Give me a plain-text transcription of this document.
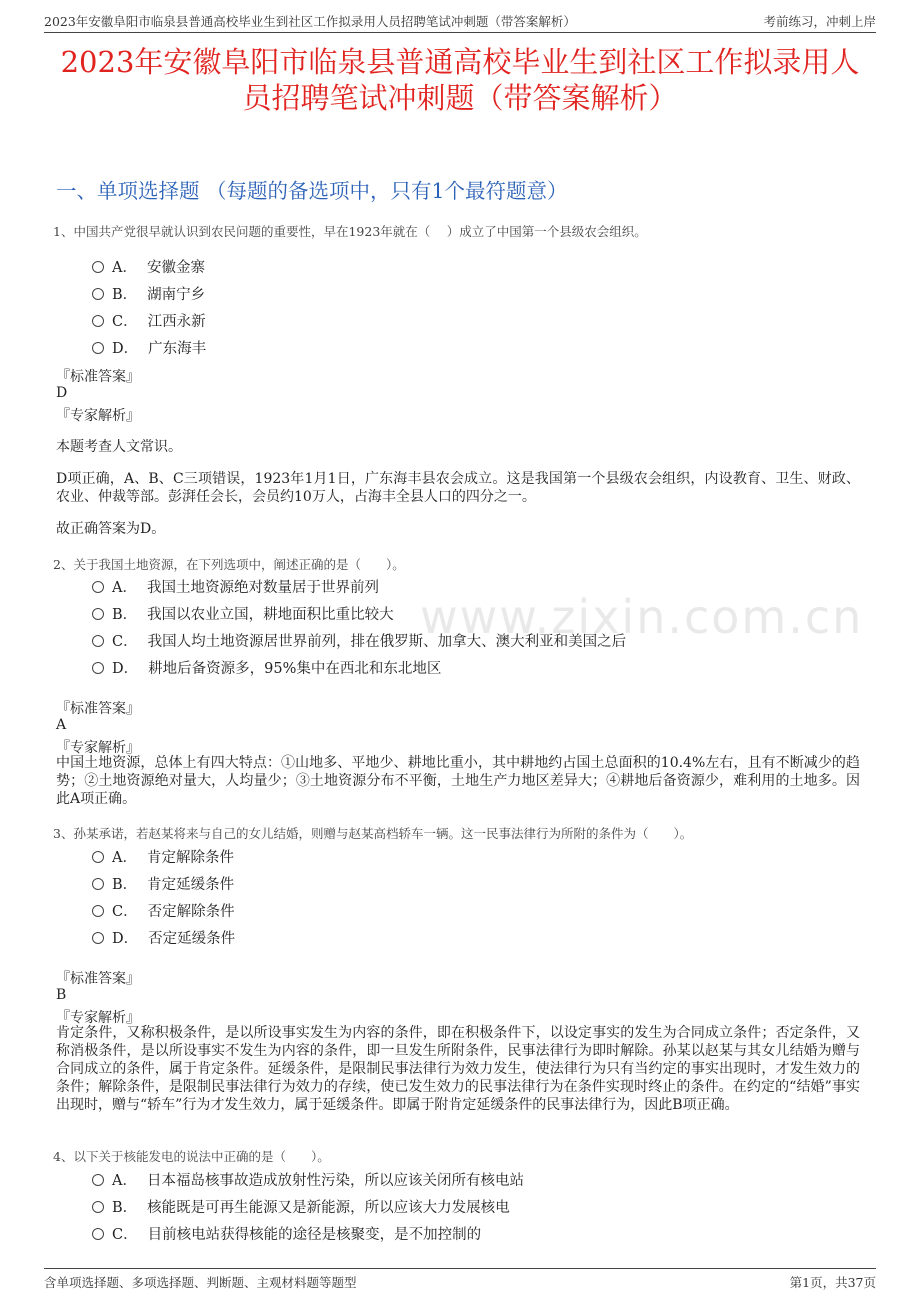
www.zixin.com.cn
2023年安徽阜阳市临泉县普通高校毕业生到社区工作拟录用人员招聘笔试冲刺题（带答案解析）	考前练习，冲刺上岸
2023年安徽阜阳市临泉县普通高校毕业生到社区工作拟录用人
员招聘笔试冲刺题（带答案解析）
一、单项选择题 （每题的备选项中，只有1个最符题意）
1、中国共产党很早就认识到农民问题的重要性，早在1923年就在（　 ）成立了中国第一个县级农会组织。
A． 安徽金寨
B． 湖南宁乡
C． 江西永新
D． 广东海丰
『标准答案』
D
『专家解析』
本题考查人文常识。
D项正确，A、B、C三项错误，1923年1月1日，广东海丰县农会成立。这是我国第一个县级农会组织，内设教育、卫生、财政、农业、仲裁等部。彭湃任会长，会员约10万人，占海丰全县人口的四分之一。
故正确答案为D。
2、关于我国土地资源，在下列选项中，阐述正确的是（　　）。
A． 我国土地资源绝对数量居于世界前列
B． 我国以农业立国，耕地面积比重比较大
C． 我国人均土地资源居世界前列，排在俄罗斯、加拿大、澳大利亚和美国之后
D． 耕地后备资源多，95%集中在西北和东北地区
『标准答案』
A
『专家解析』
中国土地资源，总体上有四大特点：①山地多、平地少、耕地比重小，其中耕地约占国土总面积的10.4%左右，且有不断减少的趋势；②土地资源绝对量大，人均量少；③土地资源分布不平衡，土地生产力地区差异大；④耕地后备资源少，难利用的土地多。因此A项正确。
3、孙某承诺，若赵某将来与自己的女儿结婚，则赠与赵某高档轿车一辆。这一民事法律行为所附的条件为（　　）。
A． 肯定解除条件
B． 肯定延缓条件
C． 否定解除条件
D． 否定延缓条件
『标准答案』
B
『专家解析』
肯定条件，又称积极条件，是以所设事实发生为内容的条件，即在积极条件下，以设定事实的发生为合同成立条件；否定条件，又称消极条件，是以所设事实不发生为内容的条件，即一旦发生所附条件，民事法律行为即时解除。孙某以赵某与其女儿结婚为赠与合同成立的条件，属于肯定条件。延缓条件，是限制民事法律行为效力发生，使法律行为只有当约定的事实出现时，才发生效力的条件；解除条件，是限制民事法律行为效力的存续，使已发生效力的民事法律行为在条件实现时终止的条件。在约定的“结婚”事实出现时，赠与“轿车”行为才发生效力，属于延缓条件。即属于附肯定延缓条件的民事法律行为，因此B项正确。
4、以下关于核能发电的说法中正确的是（　　）。
A． 日本福岛核事故造成放射性污染，所以应该关闭所有核电站
B． 核能既是可再生能源又是新能源，所以应该大力发展核电
C． 目前核电站获得核能的途径是核聚变，是不加控制的
含单项选择题、多项选择题、判断题、主观材料题等题型	第1页，共37页
